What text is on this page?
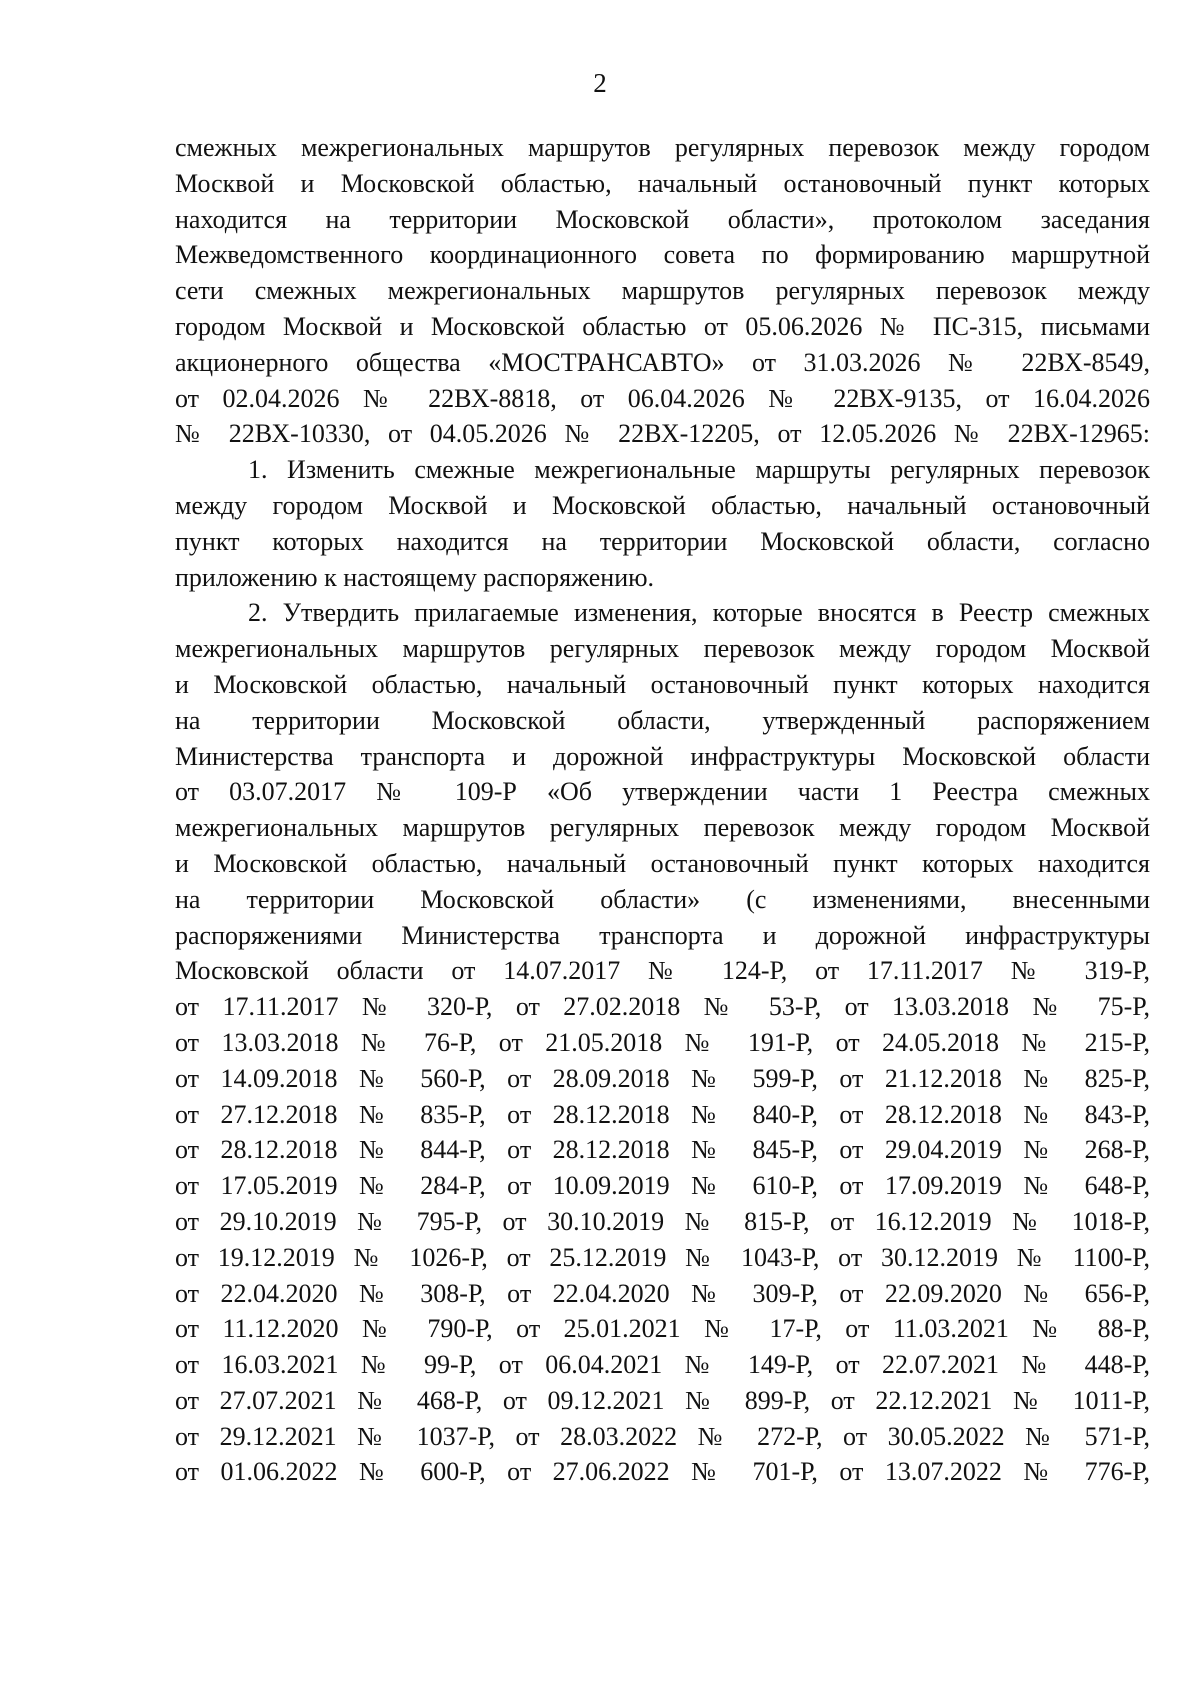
2
смежных межрегиональных маршрутов регулярных перевозок между городом
Москвой и Московской областью, начальный остановочный пункт которых
находится на территории Московской области», протоколом заседания
Межведомственного координационного совета по формированию маршрутной
сети смежных межрегиональных маршрутов регулярных перевозок между
городом Москвой и Московской областью от 05.06.2026 № ПС-315, письмами
акционерного общества «МОСТРАНСАВТО» от 31.03.2026 № 22ВХ-8549,
от 02.04.2026 № 22ВХ-8818, от 06.04.2026 № 22ВХ-9135, от 16.04.2026
№ 22ВХ-10330, от 04.05.2026 № 22ВХ-12205, от 12.05.2026 № 22ВХ-12965:
1. Изменить смежные межрегиональные маршруты регулярных перевозок
между городом Москвой и Московской областью, начальный остановочный
пункт которых находится на территории Московской области, согласно
приложению к настоящему распоряжению.
2. Утвердить прилагаемые изменения, которые вносятся в Реестр смежных
межрегиональных маршрутов регулярных перевозок между городом Москвой
и Московской областью, начальный остановочный пункт которых находится
на территории Московской области, утвержденный распоряжением
Министерства транспорта и дорожной инфраструктуры Московской области
от 03.07.2017 № 109-Р «Об утверждении части 1 Реестра смежных
межрегиональных маршрутов регулярных перевозок между городом Москвой
и Московской областью, начальный остановочный пункт которых находится
на территории Московской области» (с изменениями, внесенными
распоряжениями Министерства транспорта и дорожной инфраструктуры
Московской области от 14.07.2017 № 124-Р, от 17.11.2017 № 319-Р,
от 17.11.2017 № 320-Р, от 27.02.2018 № 53-Р, от 13.03.2018 № 75-Р,
от 13.03.2018 № 76-Р, от 21.05.2018 № 191-Р, от 24.05.2018 № 215-Р,
от 14.09.2018 № 560-Р, от 28.09.2018 № 599-Р, от 21.12.2018 № 825-Р,
от 27.12.2018 № 835-Р, от 28.12.2018 № 840-Р, от 28.12.2018 № 843-Р,
от 28.12.2018 № 844-Р, от 28.12.2018 № 845-Р, от 29.04.2019 № 268-Р,
от 17.05.2019 № 284-Р, от 10.09.2019 № 610-Р, от 17.09.2019 № 648-Р,
от 29.10.2019 № 795-Р, от 30.10.2019 № 815-Р, от 16.12.2019 № 1018-Р,
от 19.12.2019 № 1026-Р, от 25.12.2019 № 1043-Р, от 30.12.2019 № 1100-Р,
от 22.04.2020 № 308-Р, от 22.04.2020 № 309-Р, от 22.09.2020 № 656-Р,
от 11.12.2020 № 790-Р, от 25.01.2021 № 17-Р, от 11.03.2021 № 88-Р,
от 16.03.2021 № 99-Р, от 06.04.2021 № 149-Р, от 22.07.2021 № 448-Р,
от 27.07.2021 № 468-Р, от 09.12.2021 № 899-Р, от 22.12.2021 № 1011-Р,
от 29.12.2021 № 1037-Р, от 28.03.2022 № 272-Р, от 30.05.2022 № 571-Р,
от 01.06.2022 № 600-Р, от 27.06.2022 № 701-Р, от 13.07.2022 № 776-Р,
